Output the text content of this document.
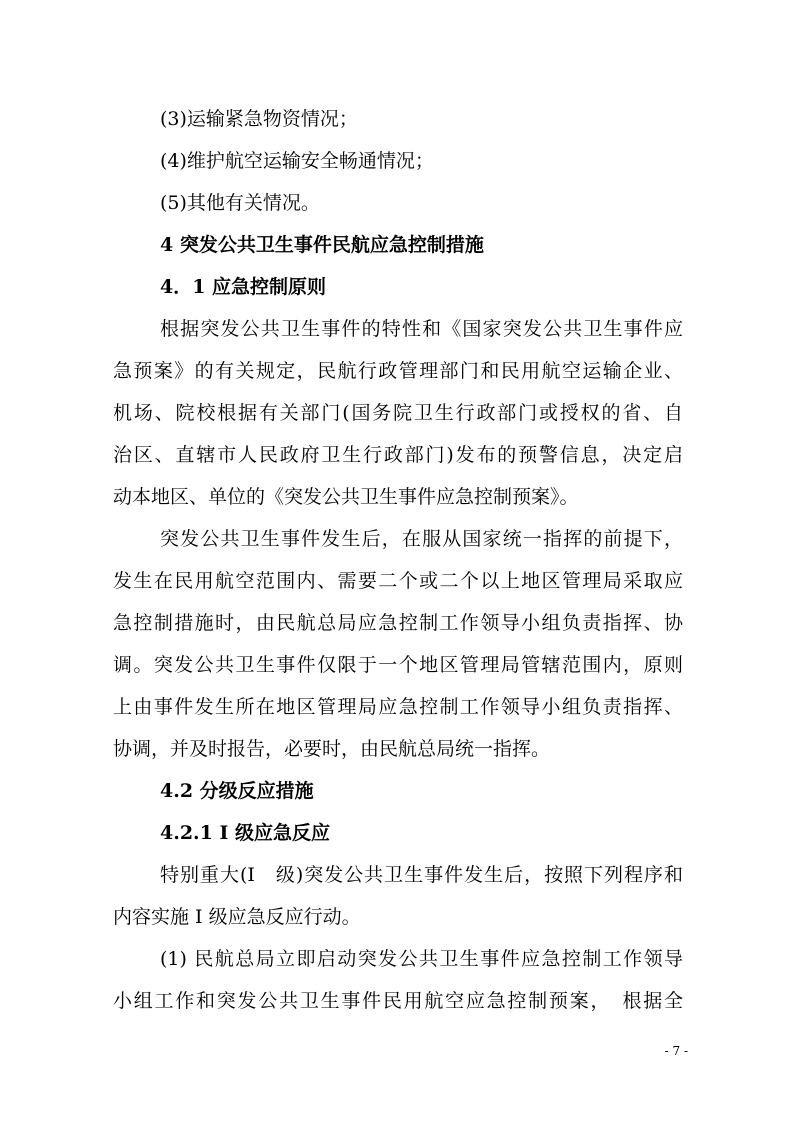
(3)运输紧急物资情况；
(4)维护航空运输安全畅通情况；
(5)其他有关情况。
4 突发公共卫生事件民航应急控制措施
4．1 应急控制原则
根据突发公共卫生事件的特性和《国家突发公共卫生事件应
急预案》的有关规定，民航行政管理部门和民用航空运输企业、
机场、院校根据有关部门(国务院卫生行政部门或授权的省、自
治区、直辖市人民政府卫生行政部门)发布的预警信息，决定启
动本地区、单位的《突发公共卫生事件应急控制预案》。
突发公共卫生事件发生后，在服从国家统一指挥的前提下，
发生在民用航空范围内、需要二个或二个以上地区管理局采取应
急控制措施时，由民航总局应急控制工作领导小组负责指挥、协
调。突发公共卫生事件仅限于一个地区管理局管辖范围内，原则
上由事件发生所在地区管理局应急控制工作领导小组负责指挥、
协调，并及时报告，必要时，由民航总局统一指挥。
4.2 分级反应措施
4.2.1 I 级应急反应
特别重大(I　级)突发公共卫生事件发生后，按照下列程序和
内容实施 I 级应急反应行动。
(1) 民航总局立即启动突发公共卫生事件应急控制工作领导
小组工作和突发公共卫生事件民用航空应急控制预案，　根据全
- 7 -
